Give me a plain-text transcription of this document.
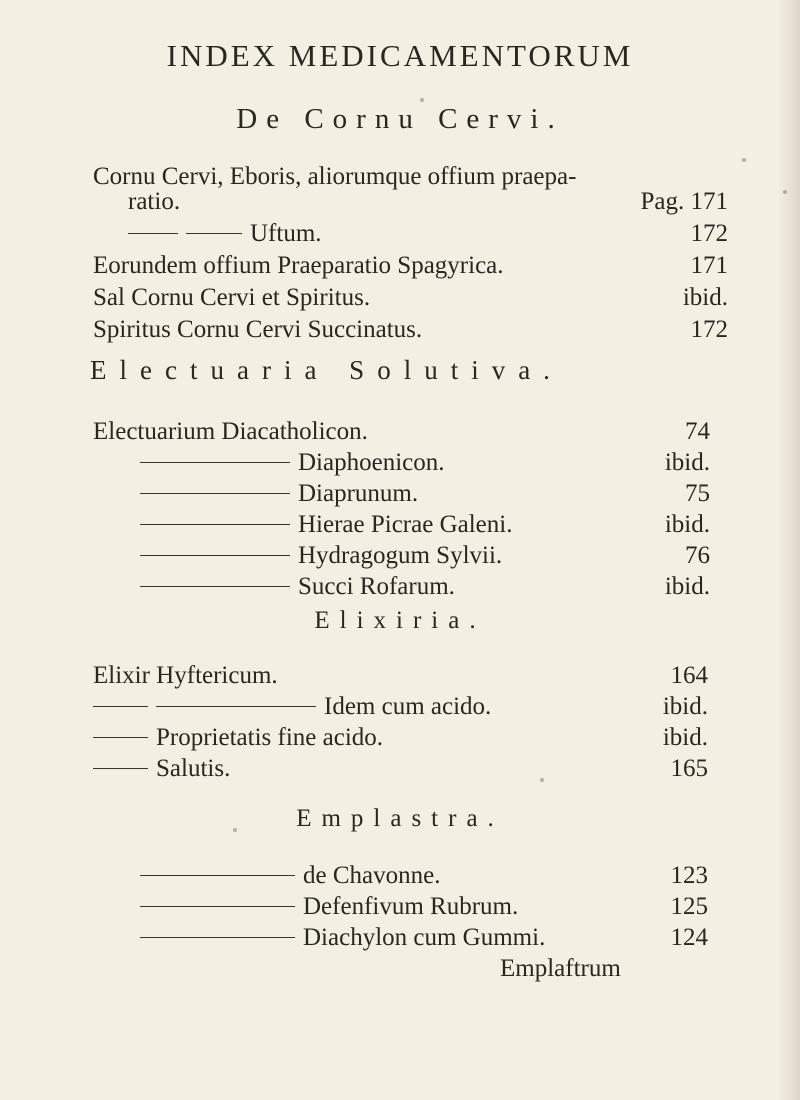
INDEX MEDICAMENTORUM
De Cornu Cervi.
Cornu Cervi, Eboris, aliorumque offium praepa-
ratio.	Pag. 171
Uftum.	172
Eorundem offium Praeparatio Spagyrica.	171
Sal Cornu Cervi et Spiritus.	ibid.
Spiritus Cornu Cervi Succinatus.	172
Electuaria Solutiva.
Electuarium Diacatholicon.	74
Diaphoenicon.	ibid.
Diaprunum.	75
Hierae Picrae Galeni.	ibid.
Hydragogum Sylvii.	76
Succi Rofarum.	ibid.
Elixiria.
Elixir Hyftericum.	164
Idem cum acido.	ibid.
Proprietatis fine acido.	ibid.
Salutis.	165
Emplastra.
de Chavonne.	123
Defenfivum Rubrum.	125
Diachylon cum Gummi.	124
Emplaftrum
